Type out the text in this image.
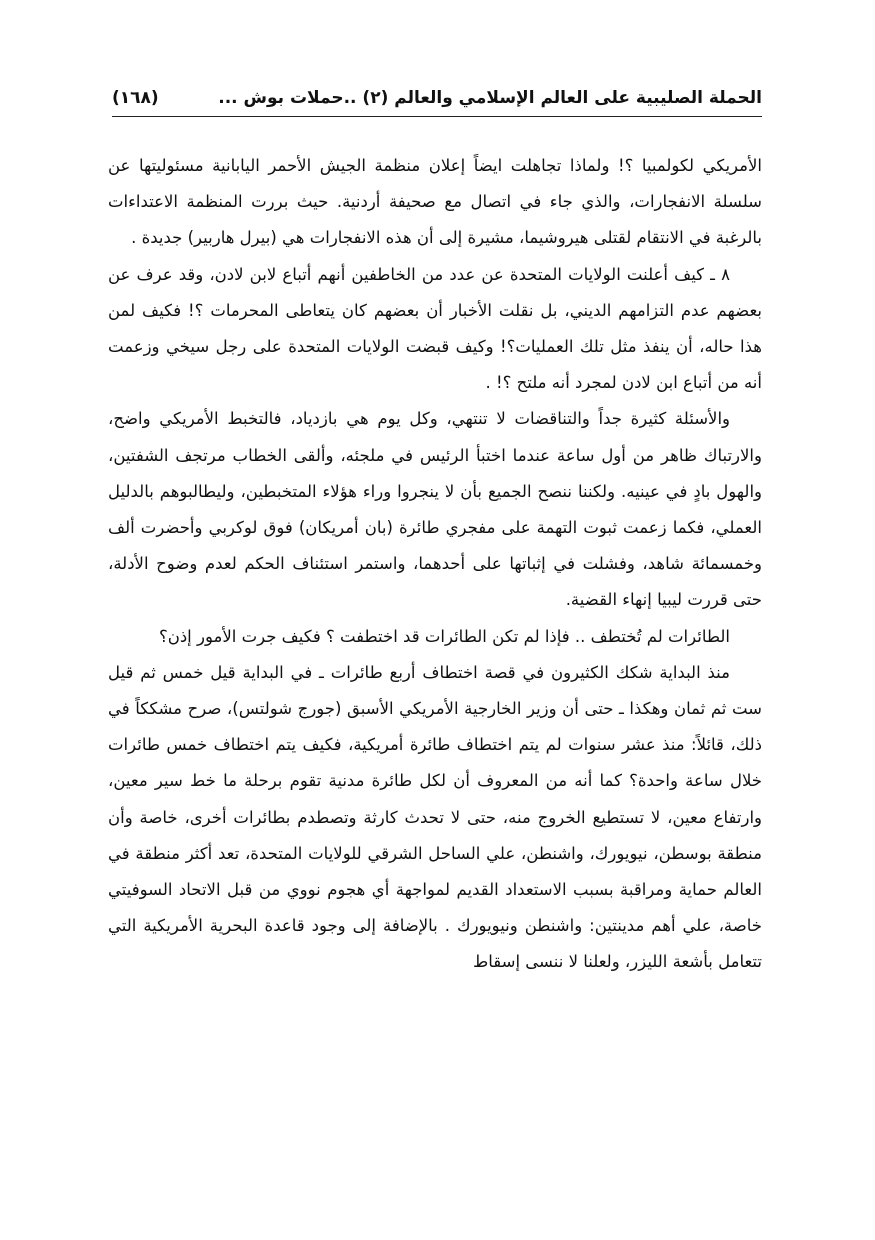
الحملة الصليبية على العالم الإسلامي والعالم (٢) ..حملات بوش ...
(١٦٨)

الأمريكي لكولمبيا ؟! ولماذا تجاهلت ايضاً إعلان منظمة الجيش الأحمر اليابانية مسئوليتها عن سلسلة الانفجارات، والذي جاء في اتصال مع صحيفة أردنية. حيث بررت المنظمة الاعتداءات بالرغبة في الانتقام لقتلى هيروشيما، مشيرة إلى أن هذه الانفجارات هي (بيرل هاربير) جديدة .

٨ ـ كيف أعلنت الولايات المتحدة عن عدد من الخاطفين أنهم أتباع لابن لادن، وقد عرف عن بعضهم عدم التزامهم الديني، بل نقلت الأخبار أن بعضهم كان يتعاطى المحرمات ؟! فكيف لمن هذا حاله، أن ينفذ مثل تلك العمليات؟! وكيف قبضت الولايات المتحدة على رجل سيخي وزعمت أنه من أتباع ابن لادن لمجرد أنه ملتح ؟! .

والأسئلة كثيرة جداً والتناقضات لا تنتهي، وكل يوم هي بازدياد، فالتخبط الأمريكي واضح، والارتباك ظاهر من أول ساعة عندما اختبأ الرئيس في ملجئه، وألقى الخطاب مرتجف الشفتين، والهول بادٍ في عينيه. ولكننا ننصح الجميع بأن لا ينجروا وراء هؤلاء المتخبطين، وليطالبوهم بالدليل العملي، فكما زعمت ثبوت التهمة على مفجري طائرة (بان أمريكان) فوق لوكربي وأحضرت ألف وخمسمائة شاهد، وفشلت في إثباتها على أحدهما، واستمر استئناف الحكم لعدم وضوح الأدلة، حتى قررت ليبيا إنهاء القضية.

الطائرات لم تُختطف .. فإذا لم تكن الطائرات قد اختطفت ؟ فكيف جرت الأمور إذن؟

منذ البداية شكك الكثيرون في قصة اختطاف أربع طائرات ـ في البداية قيل خمس ثم قيل ست ثم ثمان وهكذا ـ حتى أن وزير الخارجية الأمريكي الأسبق (جورج شولتس)، صرح مشككاً في ذلك، قائلاً: منذ عشر سنوات لم يتم اختطاف طائرة أمريكية، فكيف يتم اختطاف خمس طائرات خلال ساعة واحدة؟ كما أنه من المعروف أن لكل طائرة مدنية تقوم برحلة ما خط سير معين، وارتفاع معين، لا تستطيع الخروج منه، حتى لا تحدث كارثة وتصطدم بطائرات أخرى، خاصة وأن منطقة بوسطن، نيويورك، واشنطن، علي الساحل الشرقي للولايات المتحدة، تعد أكثر منطقة في العالم حماية ومراقبة بسبب الاستعداد القديم لمواجهة أي هجوم نووي من قبل الاتحاد السوفيتي خاصة، علي أهم مدينتين: واشنطن ونيويورك . بالإضافة إلى وجود قاعدة البحرية الأمريكية التي تتعامل بأشعة الليزر، ولعلنا لا ننسى إسقاط
